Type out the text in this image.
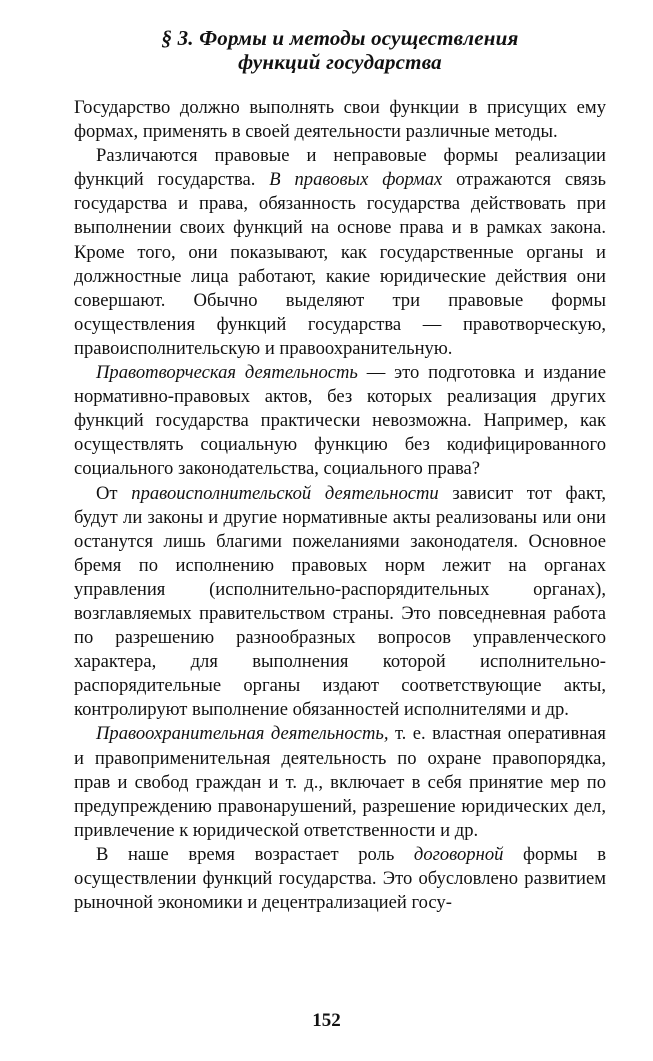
§ 3. Формы и методы осуществления
функций государства

Государство должно выполнять свои функции в присущих ему формах, применять в своей деятельности различные методы.

Различаются правовые и неправовые формы реализации функций государства. В правовых формах отражаются связь государства и права, обязанность государства действовать при выполнении своих функций на основе права и в рамках закона. Кроме того, они показывают, как государственные органы и должностные лица работают, какие юридические действия они совершают. Обычно выделяют три правовые формы осуществления функций государства — правотворческую, правоисполнительскую и правоохранительную.

Правотворческая деятельность — это подготовка и издание нормативно-правовых актов, без которых реализация других функций государства практически невозможна. Например, как осуществлять социальную функцию без кодифицированного социального законодательства, социального права?

От правоисполнительской деятельности зависит тот факт, будут ли законы и другие нормативные акты реализованы или они останутся лишь благими пожеланиями законодателя. Основное бремя по исполнению правовых норм лежит на органах управления (исполнительно-распорядительных органах), возглавляемых правительством страны. Это повседневная работа по разрешению разнообразных вопросов управленческого характера, для выполнения которой исполнительно-распорядительные органы издают соответствующие акты, контролируют выполнение обязанностей исполнителями и др.

Правоохранительная деятельность, т. е. властная оперативная и правоприменительная деятельность по охране правопорядка, прав и свобод граждан и т. д., включает в себя принятие мер по предупреждению правонарушений, разрешение юридических дел, привлечение к юридической ответственности и др.

В наше время возрастает роль договорной формы в осуществлении функций государства. Это обусловлено развитием рыночной экономики и децентрализацией госу-

152
